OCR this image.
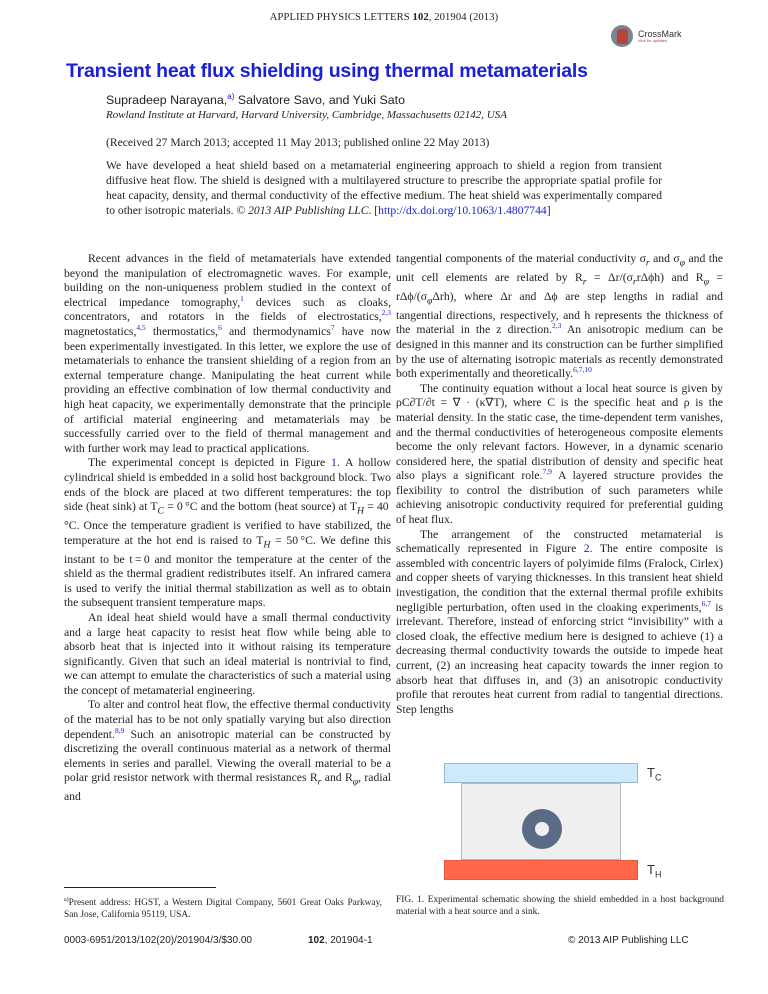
APPLIED PHYSICS LETTERS 102, 201904 (2013)
CrossMark
click for updates
Transient heat flux shielding using thermal metamaterials
Supradeep Narayana,$^{a)}$ Salvatore Savo, and Yuki Sato
Rowland Institute at Harvard, Harvard University, Cambridge, Massachusetts 02142, USA
(Received 27 March 2013; accepted 11 May 2013; published online 22 May 2013)
We have developed a heat shield based on a metamaterial engineering approach to shield a region from transient diffusive heat flow. The shield is designed with a multilayered structure to prescribe the appropriate spatial profile for heat capacity, density, and thermal conductivity of the effective medium. The heat shield was experimentally compared to other isotropic materials. © 2013 AIP Publishing LLC. [http://dx.doi.org/10.1063/1.4807744]

Recent advances in the field of metamaterials have extended beyond the manipulation of electromagnetic waves. For example, building on the non-uniqueness problem studied in the context of electrical impedance tomography,$^1$ devices such as cloaks, concentrators, and rotators in the fields of electrostatics,$^{2,3}$ magnetostatics,$^{4,5}$ thermostatics,$^6$ and thermodynamics$^7$ have now been experimentally investigated. In this letter, we explore the use of metamaterials to enhance the transient shielding of a region from an external temperature change. Manipulating the heat current while providing an effective combination of low thermal conductivity and high heat capacity, we experimentally demonstrate that the principle of artificial material engineering and metamaterials may be successfully carried over to the field of thermal management and with further work may lead to practical applications.

The experimental concept is depicted in Figure 1. A hollow cylindrical shield is embedded in a solid host background block. Two ends of the block are placed at two different temperatures: the top side (heat sink) at $T_C = 0$ °C and the bottom (heat source) at $T_H = 40$ °C. Once the temperature gradient is verified to have stabilized, the temperature at the hot end is raised to $T_H = 50$ °C. We define this instant to be t = 0 and monitor the temperature at the center of the shield as the thermal gradient redistributes itself. An infrared camera is used to verify the initial thermal stabilization as well as to obtain the subsequent transient temperature maps.

An ideal heat shield would have a small thermal conductivity and a large heat capacity to resist heat flow while being able to absorb heat that is injected into it without raising its temperature significantly. Given that such an ideal material is nontrivial to find, we can attempt to emulate the characteristics of such a material using the concept of metamaterial engineering.

To alter and control heat flow, the effective thermal conductivity of the material has to be not only spatially varying but also direction dependent.$^{8,9}$ Such an anisotropic material can be constructed by discretizing the overall continuous material as a network of thermal elements in series and parallel. Viewing the overall material to be a polar grid resistor network with thermal resistances $R_r$ and $R_\varphi$, radial and

tangential components of the material conductivity $\sigma_r$ and $\sigma_\varphi$ and the unit cell elements are related by $R_r = \Delta r/(\sigma_rr\Delta\phi h)$ and $R_\varphi = r\Delta\phi/(\sigma_\varphi\Delta rh)$, where Δr and Δϕ are step lengths in radial and tangential directions, respectively, and h represents the thickness of the material in the z direction.$^{2,3}$ An anisotropic medium can be designed in this manner and its construction can be further simplified by the use of alternating isotropic materials as recently demonstrated both experimentally and theoretically.$^{6,7,10}$

The continuity equation without a local heat source is given by ρC∂T/∂t = ∇ · (κ∇T), where C is the specific heat and ρ is the material density. In the static case, the time-dependent term vanishes, and the thermal conductivities of heterogeneous composite elements become the only relevant factors. However, in a dynamic scenario considered here, the spatial distribution of density and specific heat also plays a significant role.$^{7,9}$ A layered structure provides the flexibility to control the distribution of such parameters while achieving anisotropic conductivity required for preferential guiding of heat flux.

The arrangement of the constructed metamaterial is schematically represented in Figure 2. The entire composite is assembled with concentric layers of polyimide films (Fralock, Cirlex) and copper sheets of varying thicknesses. In this transient heat shield investigation, the condition that the external thermal profile exhibits negligible perturbation, often used in the cloaking experiments,$^{6,7}$ is irrelevant. Therefore, instead of enforcing strict “invisibility” with a closed cloak, the effective medium here is designed to achieve (1) a decreasing thermal conductivity towards the outside to impede heat current, (2) an increasing heat capacity towards the inner region to absorb heat that diffuses in, and (3) an anisotropic conductivity profile that reroutes heat current from radial to tangential directions. Step lengths

$T_C$
$T_H$
$^{a)}$Present address: HGST, a Western Digital Company, 5601 Great Oaks Parkway, San Jose, California 95119, USA.
FIG. 1. Experimental schematic showing the shield embedded in a host background material with a heat source and a sink.
0003-6951/2013/102(20)/201904/3/$30.00	102, 201904-1	© 2013 AIP Publishing LLC
